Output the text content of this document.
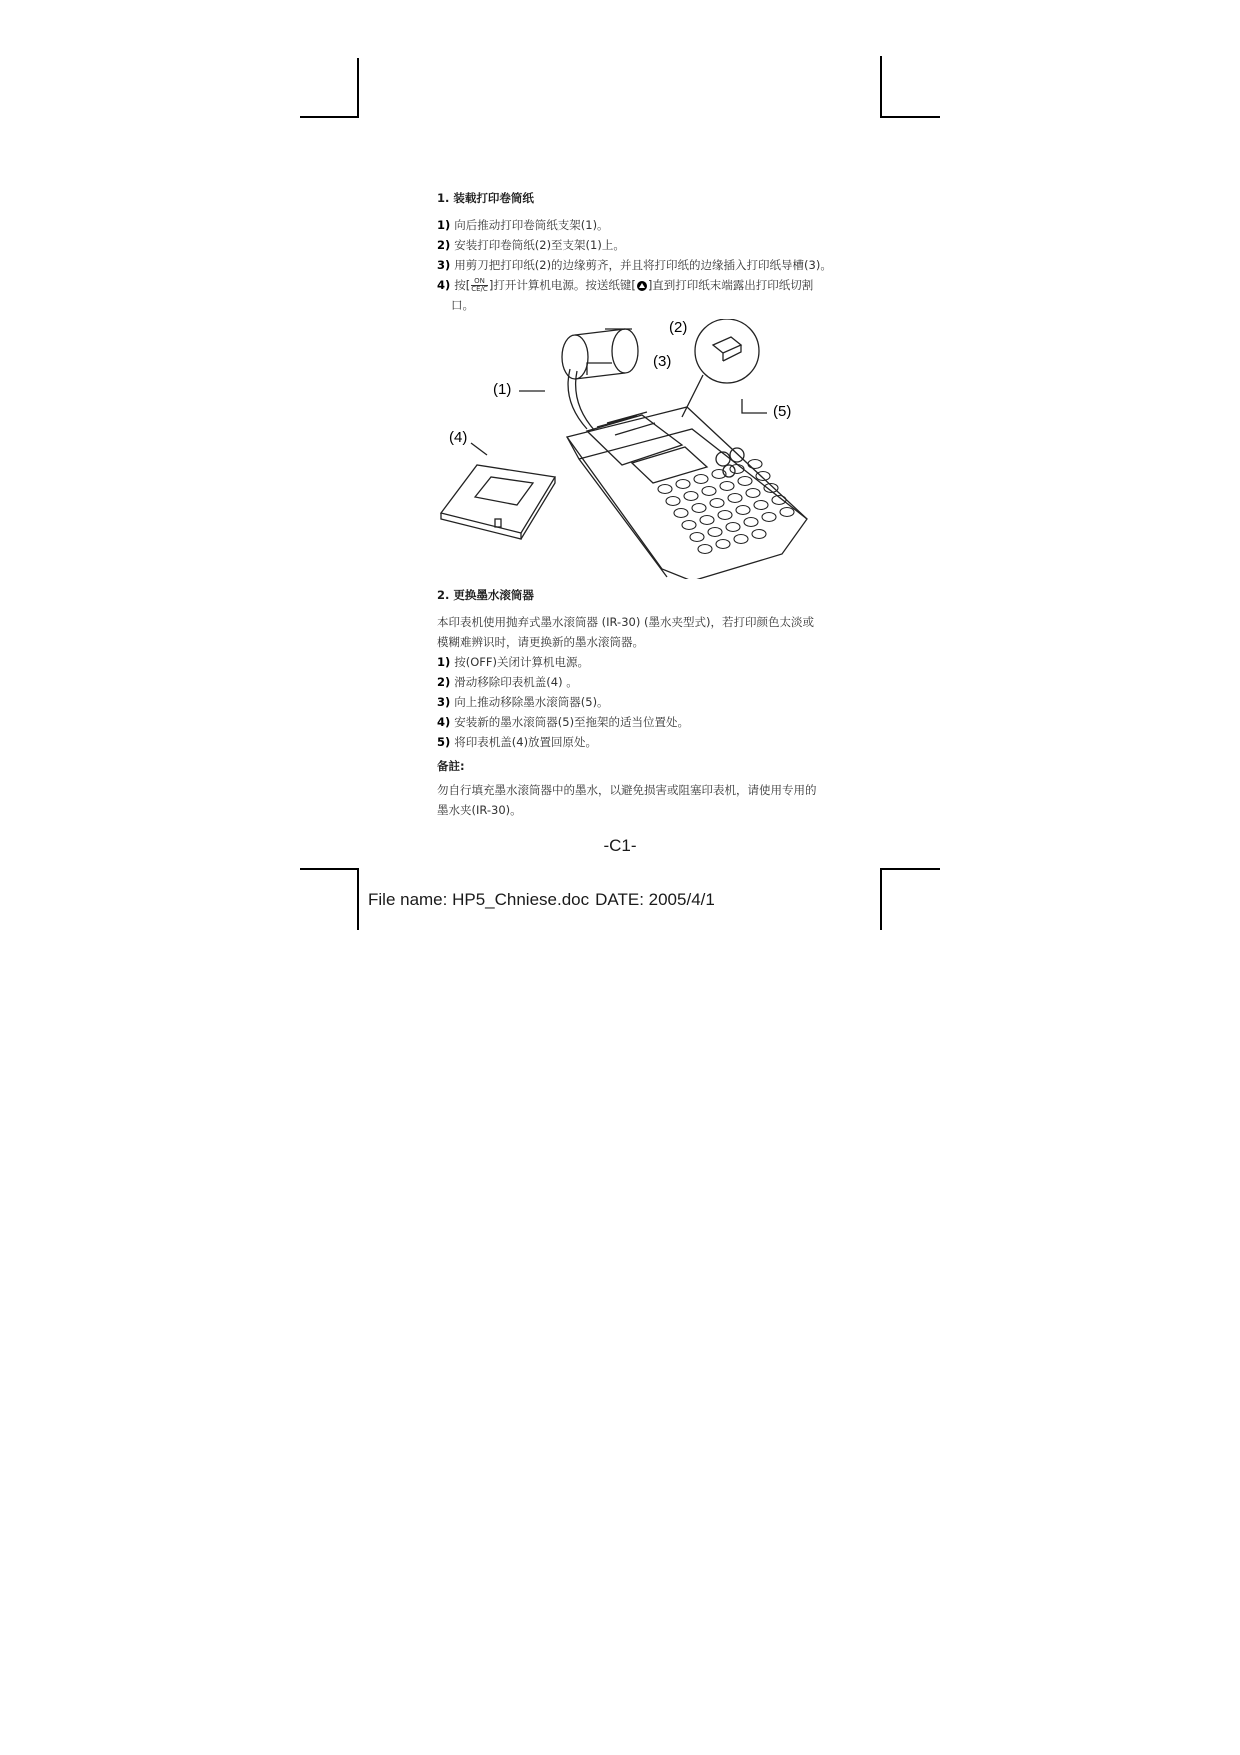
1. 装载打印卷筒纸
1) 向后推动打印卷筒纸支架(1)。
2) 安装打印卷筒纸(2)至支架(1)上。
3) 用剪刀把打印纸(2)的边缘剪齐，并且将打印纸的边缘插入打印纸导槽(3)。
4) 按[ $\frac{ON}{CE/C}$ ]打开计算机电源。按送纸键[ ]直到打印纸末端露出打印纸切割
口。
(2)
(3)
(1)
(5)
(4)
2. 更换墨水滚筒器
本印表机使用抛弃式墨水滚筒器 (IR-30) (墨水夹型式)，若打印颜色太淡或
模糊难辨识时，请更换新的墨水滚筒器。
1) 按(OFF)关闭计算机电源。
2) 滑动移除印表机盖(4) 。
3) 向上推动移除墨水滚筒器(5)。
4) 安装新的墨水滚筒器(5)至拖架的适当位置处。
5) 将印表机盖(4)放置回原处。
备註:
勿自行填充墨水滚筒器中的墨水，以避免损害或阻塞印表机，请使用专用的
墨水夹(IR-30)。
-C1-
File name: HP5_Chniese.doc DATE: 2005/4/1
